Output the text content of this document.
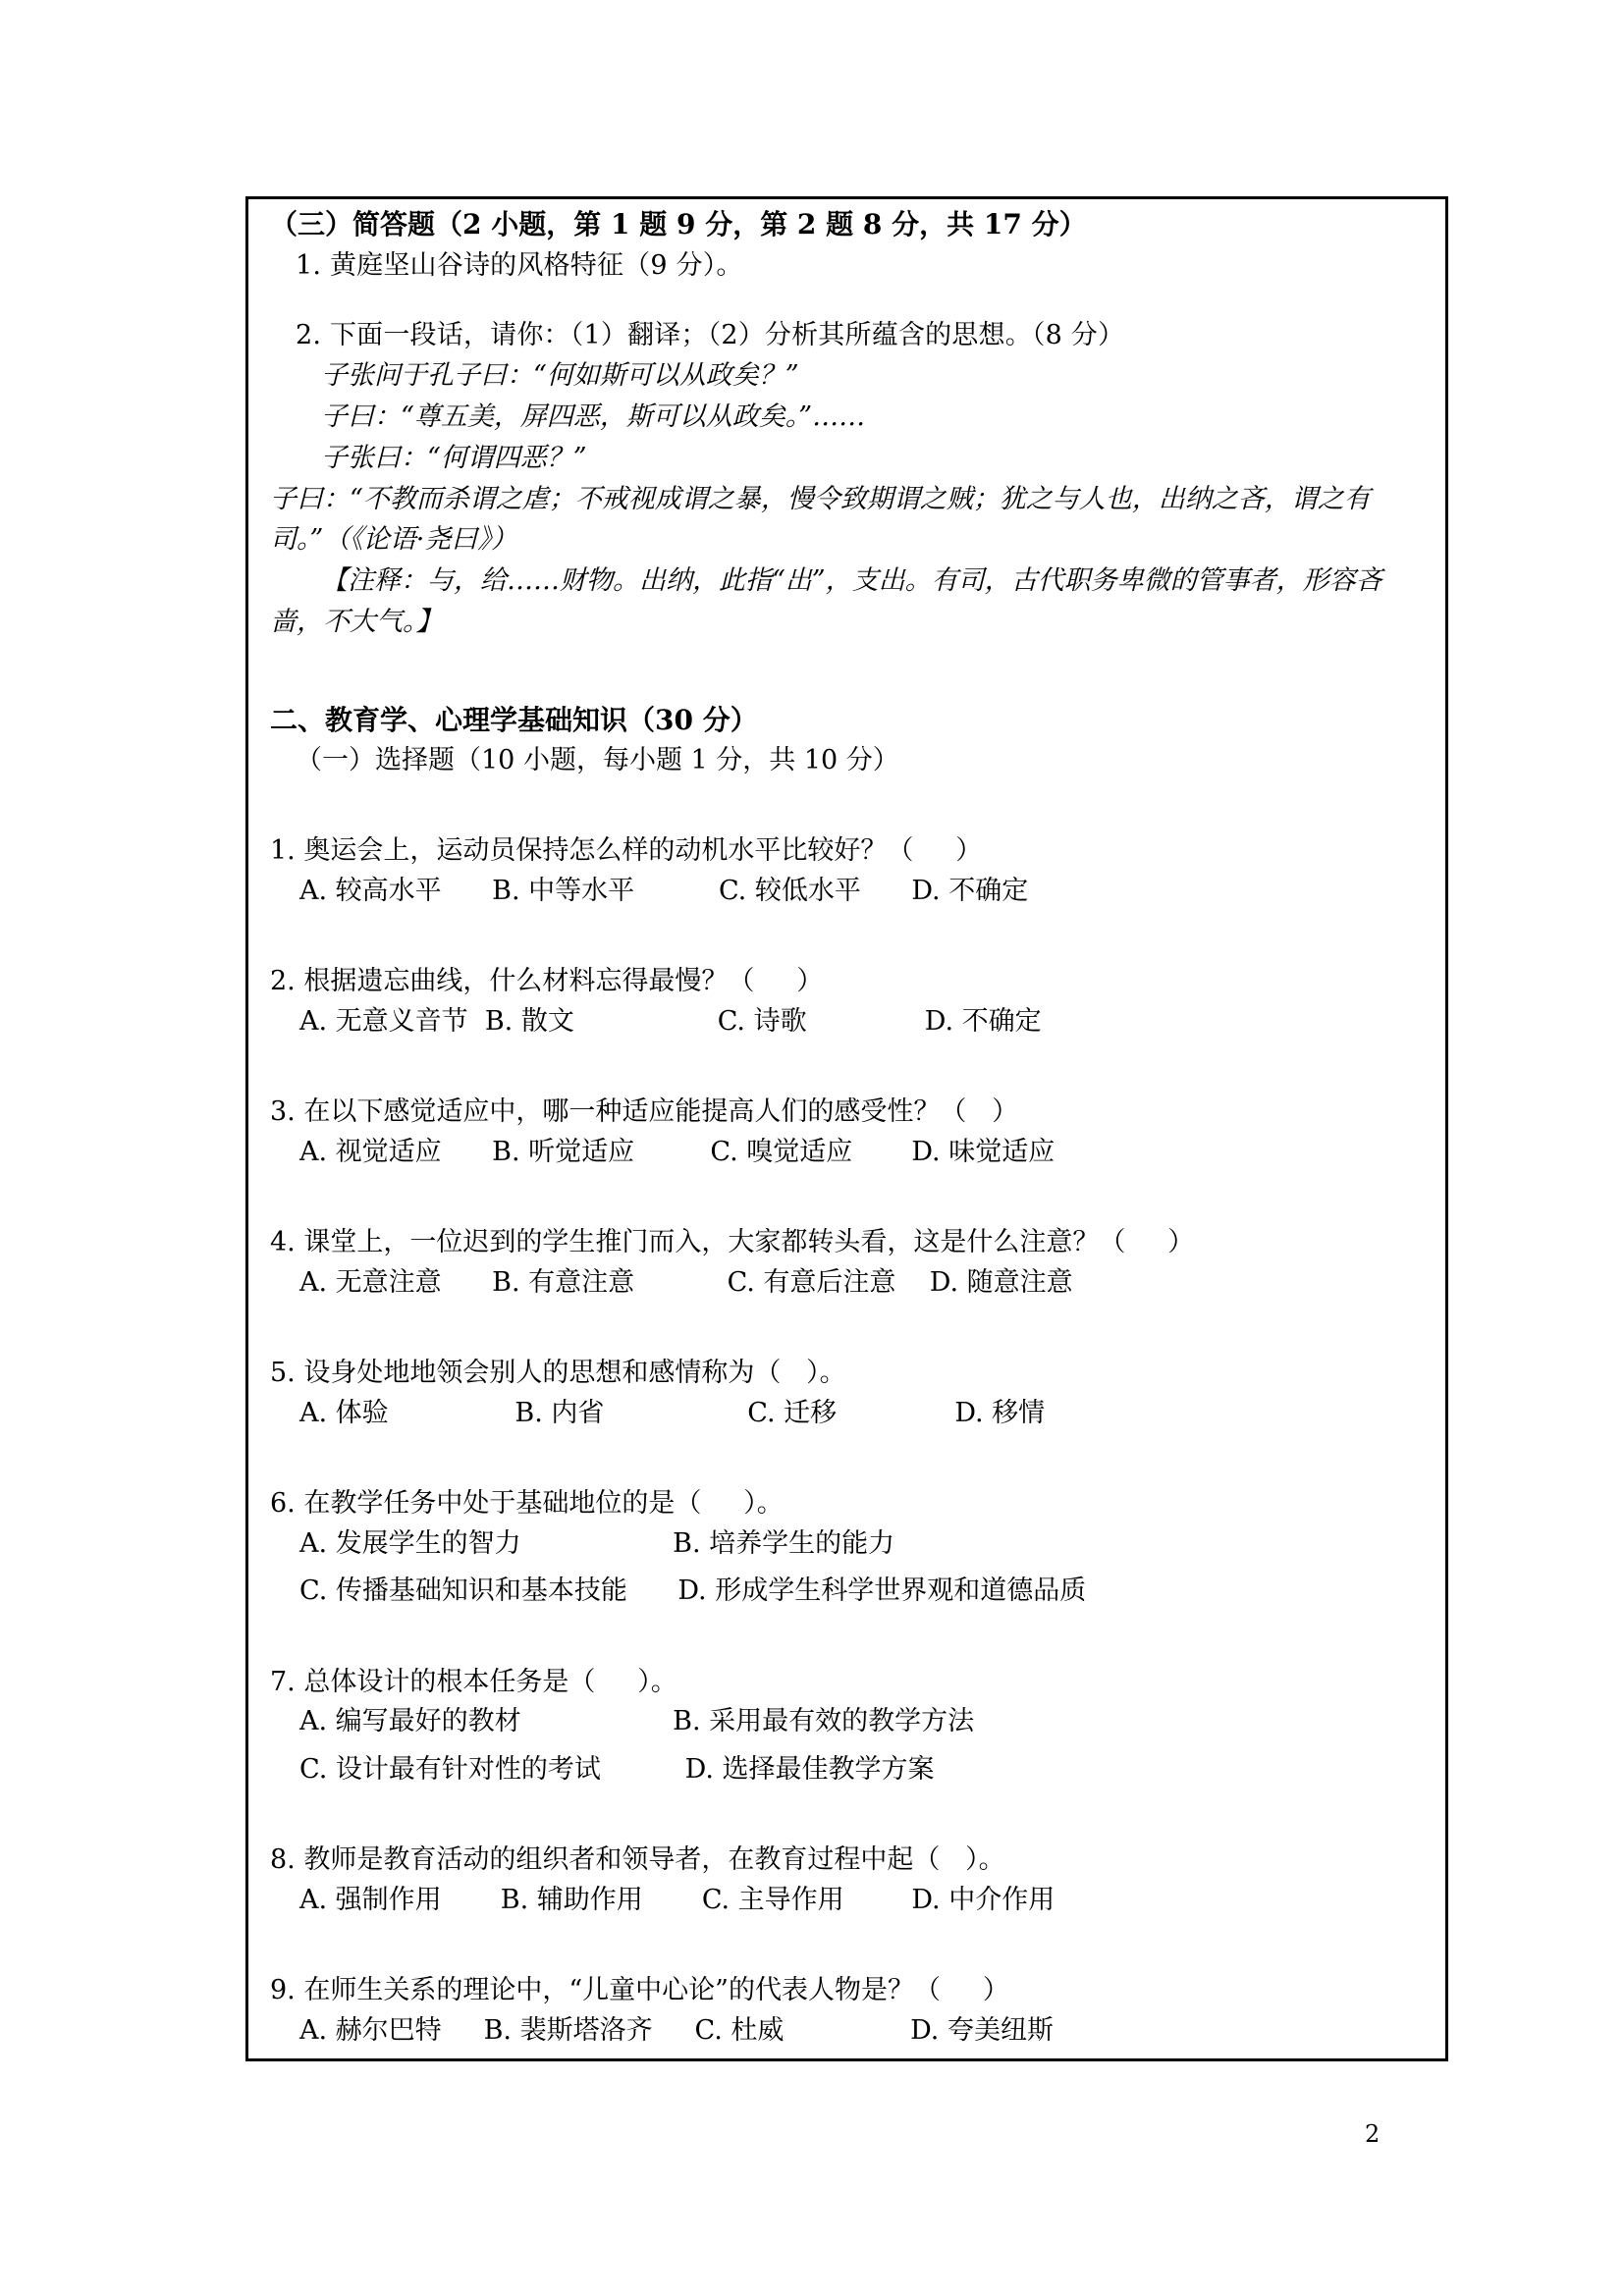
（三）简答题（2 小题，第 1 题 9 分，第 2 题 8 分，共 17 分）
1. 黄庭坚山谷诗的风格特征（9 分）。
2. 下面一段话，请你：（1）翻译；（2）分析其所蕴含的思想。（8 分）
子张问于孔子曰：“何如斯可以从政矣？”
子曰：“尊五美，屏四恶，斯可以从政矣。”……
子张曰：“何谓四恶？”
子曰：“不教而杀谓之虐；不戒视成谓之暴，慢令致期谓之贼；犹之与人也，出纳之吝，谓之有司。”（《论语·尧曰》）
【注释：与，给……财物。出纳，此指“出”，支出。有司，古代职务卑微的管事者，形容吝啬，不大气。】
二、教育学、心理学基础知识（30 分）
（一）选择题（10 小题，每小题 1 分，共 10 分）
1. 奥运会上，运动员保持怎么样的动机水平比较好？（     ）
A. 较高水平      B. 中等水平          C. 较低水平      D. 不确定
2. 根据遗忘曲线，什么材料忘得最慢？（     ）
A. 无意义音节  B. 散文                 C. 诗歌              D. 不确定
3. 在以下感觉适应中，哪一种适应能提高人们的感受性？（   ）
A. 视觉适应      B. 听觉适应         C. 嗅觉适应       D. 味觉适应
4. 课堂上，一位迟到的学生推门而入，大家都转头看，这是什么注意？（     ）
A. 无意注意      B. 有意注意           C. 有意后注意    D. 随意注意
5. 设身处地地领会别人的思想和感情称为（   ）。
A. 体验               B. 内省                 C. 迁移              D. 移情
6. 在教学任务中处于基础地位的是（     ）。
A. 发展学生的智力                  B. 培养学生的能力
C. 传播基础知识和基本技能      D. 形成学生科学世界观和道德品质
7. 总体设计的根本任务是（     ）。
A. 编写最好的教材                  B. 采用最有效的教学方法
C. 设计最有针对性的考试          D. 选择最佳教学方案
8. 教师是教育活动的组织者和领导者，在教育过程中起（   ）。
A. 强制作用       B. 辅助作用       C. 主导作用        D. 中介作用
9. 在师生关系的理论中，“儿童中心论”的代表人物是？（     ）
A. 赫尔巴特     B. 裴斯塔洛齐     C. 杜威               D. 夸美纽斯
2
